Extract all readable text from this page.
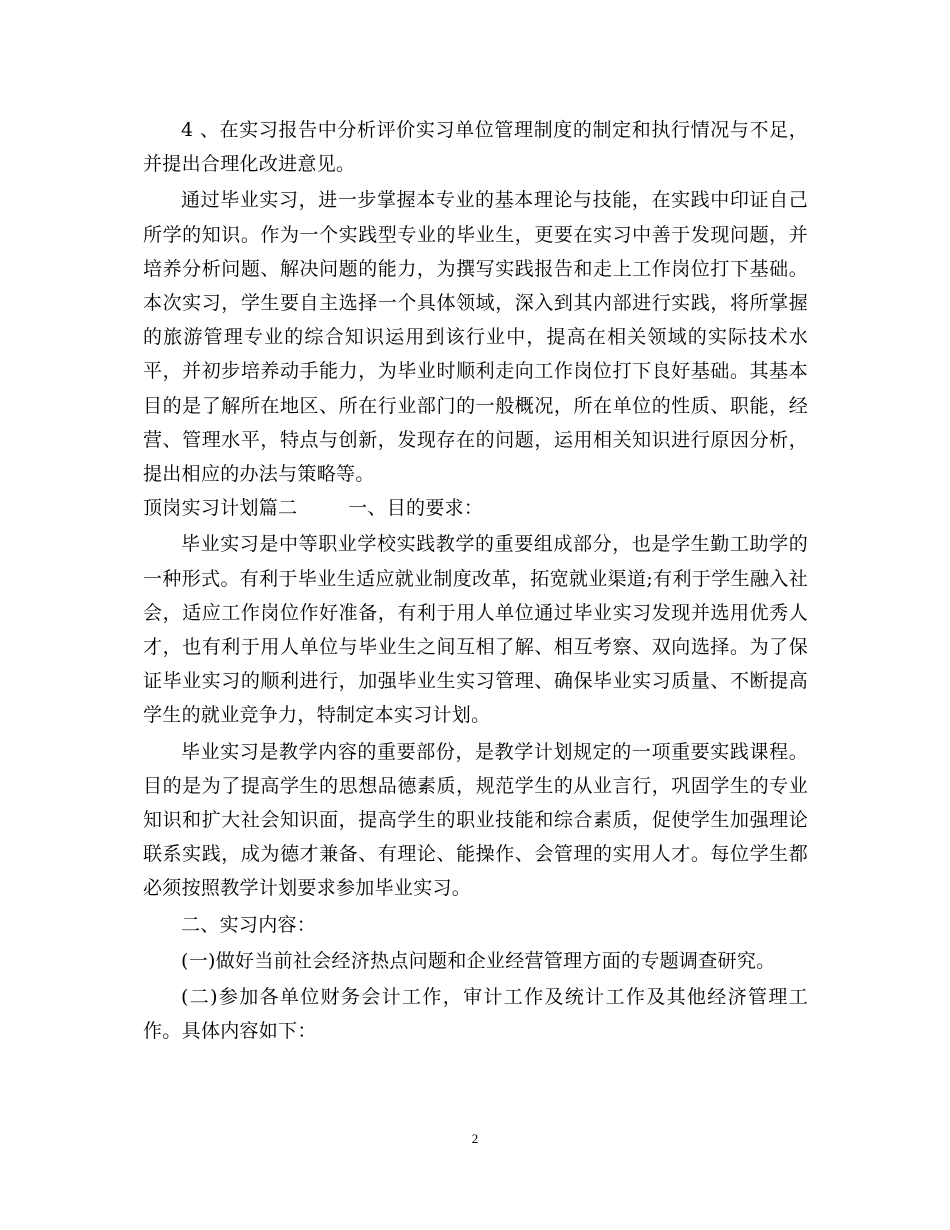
4 、在实习报告中分析评价实习单位管理制度的制定和执行情况与不足，并提出合理化改进意见。

通过毕业实习，进一步掌握本专业的基本理论与技能，在实践中印证自己所学的知识。作为一个实践型专业的毕业生，更要在实习中善于发现问题，并培养分析问题、解决问题的能力，为撰写实践报告和走上工作岗位打下基础。 本次实习，学生要自主选择一个具体领域，深入到其内部进行实践，将所掌握的旅游管理专业的综合知识运用到该行业中，提高在相关领域的实际技术水平，并初步培养动手能力，为毕业时顺利走向工作岗位打下良好基础。其基本目的是了解所在地区、所在行业部门的一般概况，所在单位的性质、职能，经营、管理水平，特点与创新，发现存在的问题，运用相关知识进行原因分析，提出相应的办法与策略等。

顶岗实习计划篇二        一、目的要求：

毕业实习是中等职业学校实践教学的重要组成部分，也是学生勤工助学的一种形式。有利于毕业生适应就业制度改革，拓宽就业渠道;有利于学生融入社会，适应工作岗位作好准备，有利于用人单位通过毕业实习发现并选用优秀人才，也有利于用人单位与毕业生之间互相了解、相互考察、双向选择。为了保证毕业实习的顺利进行，加强毕业生实习管理、确保毕业实习质量、不断提高学生的就业竞争力，特制定本实习计划。

毕业实习是教学内容的重要部份，是教学计划规定的一项重要实践课程。目的是为了提高学生的思想品德素质，规范学生的从业言行，巩固学生的专业知识和扩大社会知识面，提高学生的职业技能和综合素质，促使学生加强理论联系实践，成为德才兼备、有理论、能操作、会管理的实用人才。每位学生都必须按照教学计划要求参加毕业实习。

二、实习内容：

(一)做好当前社会经济热点问题和企业经营管理方面的专题调查研究。

(二)参加各单位财务会计工作，审计工作及统计工作及其他经济管理工作。具体内容如下：

2
